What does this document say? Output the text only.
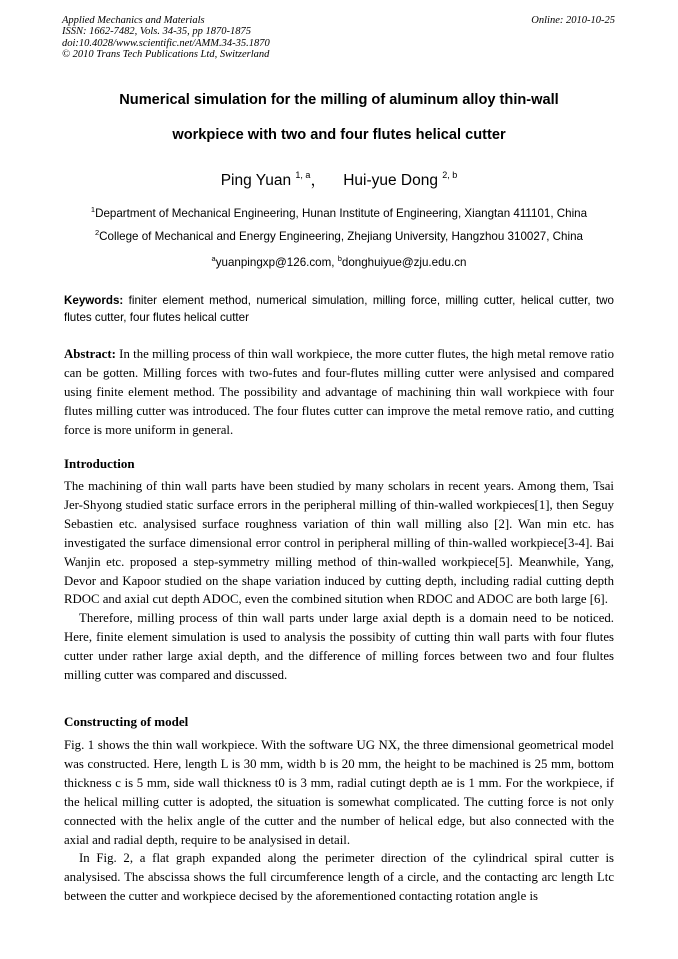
Applied Mechanics and Materials
ISSN: 1662-7482, Vols. 34-35, pp 1870-1875
doi:10.4028/www.scientific.net/AMM.34-35.1870
© 2010 Trans Tech Publications Ltd, Switzerland
Online: 2010-10-25
Numerical simulation for the milling of aluminum alloy thin-wall
workpiece with two and four flutes helical cutter
Ping Yuan $^{1, a}$， Hui-yue Dong $^{2, b}$
$^1$Department of Mechanical Engineering, Hunan Institute of Engineering, Xiangtan 411101, China
$^2$College of Mechanical and Energy Engineering, Zhejiang University, Hangzhou 310027, China
$^a$yuanpingxp@126.com, $^b$donghuiyue@zju.edu.cn
Keywords: finiter element method, numerical simulation, milling force, milling cutter, helical cutter, two flutes cutter, four flutes helical cutter
Abstract: In the milling process of thin wall workpiece, the more cutter flutes, the high metal remove ratio can be gotten. Milling forces with two-futes and four-flutes milling cutter were anlysised and compared using finite element method. The possibility and advantage of machining thin wall workpiece with four flutes milling cutter was introduced. The four flutes cutter can improve the metal remove ratio, and cutting force is more uniform in general.
Introduction

The machining of thin wall parts have been studied by many scholars in recent years. Among them, Tsai Jer-Shyong studied static surface errors in the peripheral milling of thin-walled workpieces[1], then Seguy Sebastien etc. analysised surface roughness variation of thin wall milling also [2]. Wan min etc. has investigated the surface dimensional error control in peripheral milling of thin-walled workpiece[3-4]. Bai Wanjin etc. proposed a step-symmetry milling method of thin-walled workpiece[5]. Meanwhile, Yang, Devor and Kapoor studied on the shape variation induced by cutting depth, including radial cutting depth RDOC and axial cut depth ADOC, even the combined sitution when RDOC and ADOC are both large [6].

Therefore, milling process of thin wall parts under large axial depth is a domain need to be noticed. Here, finite element simulation is used to analysis the possibity of cutting thin wall parts with four flutes cutter under rather large axial depth, and the difference of milling forces between two and four flultes milling cutter was compared and discussed.

Constructing of model

Fig. 1 shows the thin wall workpiece. With the software UG NX, the three dimensional geometrical model was constructed. Here, length L is 30 mm, width b is 20 mm, the height to be machined is 25 mm, bottom thickness c is 5 mm, side wall thickness t0 is 3 mm, radial cutingt depth ae is 1 mm. For the workpiece, if the helical milling cutter is adopted, the situation is somewhat complicated. The cutting force is not only connected with the helix angle of the cutter and the number of helical edge, but also connected with the axial and radial depth, require to be analysised in detail.

In Fig. 2, a flat graph expanded along the perimeter direction of the cylindrical spiral cutter is analysised. The abscissa shows the full circumference length of a circle, and the contacting arc length Ltc between the cutter and workpiece decised by the aforementioned contacting rotation angle is
